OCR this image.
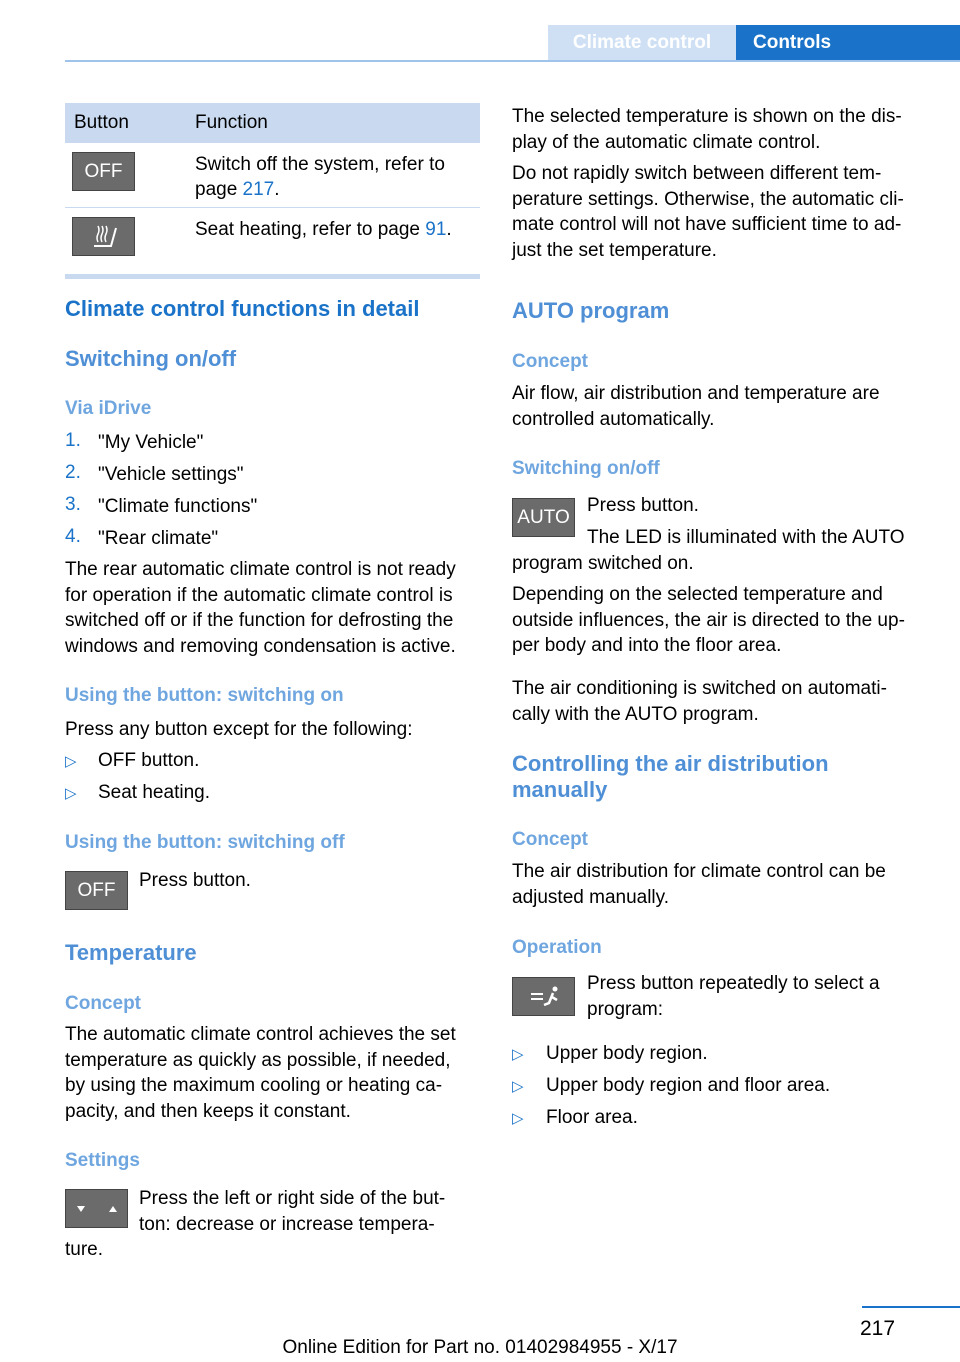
Climate control	Controls
Button	Function
OFF	Switch off the system, refer to page 217.
Seat heating, refer to page 91.
Climate control functions in detail
Switching on/off
Via iDrive
1. "My Vehicle"
2. "Vehicle settings"
3. "Climate functions"
4. "Rear climate"
The rear automatic climate control is not ready
for operation if the automatic climate control is
switched off or if the function for defrosting the
windows and removing condensation is active.
Using the button: switching on
Press any button except for the following:
▷ OFF button.
▷ Seat heating.
Using the button: switching off
OFF	Press button.
Temperature
Concept
The automatic climate control achieves the set
temperature as quickly as possible, if needed,
by using the maximum cooling or heating ca-
pacity, and then keeps it constant.
Settings
Press the left or right side of the but-
ton: decrease or increase tempera-
ture.
The selected temperature is shown on the dis-
play of the automatic climate control.
Do not rapidly switch between different tem-
perature settings. Otherwise, the automatic cli-
mate control will not have sufficient time to ad-
just the set temperature.
AUTO program
Concept
Air flow, air distribution and temperature are
controlled automatically.
Switching on/off
AUTO
Press button.
The LED is illuminated with the AUTO
program switched on.
Depending on the selected temperature and
outside influences, the air is directed to the up-
per body and into the floor area.
The air conditioning is switched on automati-
cally with the AUTO program.
Controlling the air distribution
manually
Concept
The air distribution for climate control can be
adjusted manually.
Operation
Press button repeatedly to select a
program:
▷ Upper body region.
▷ Upper body region and floor area.
▷ Floor area.
217
Online Edition for Part no. 01402984955 - X/17
